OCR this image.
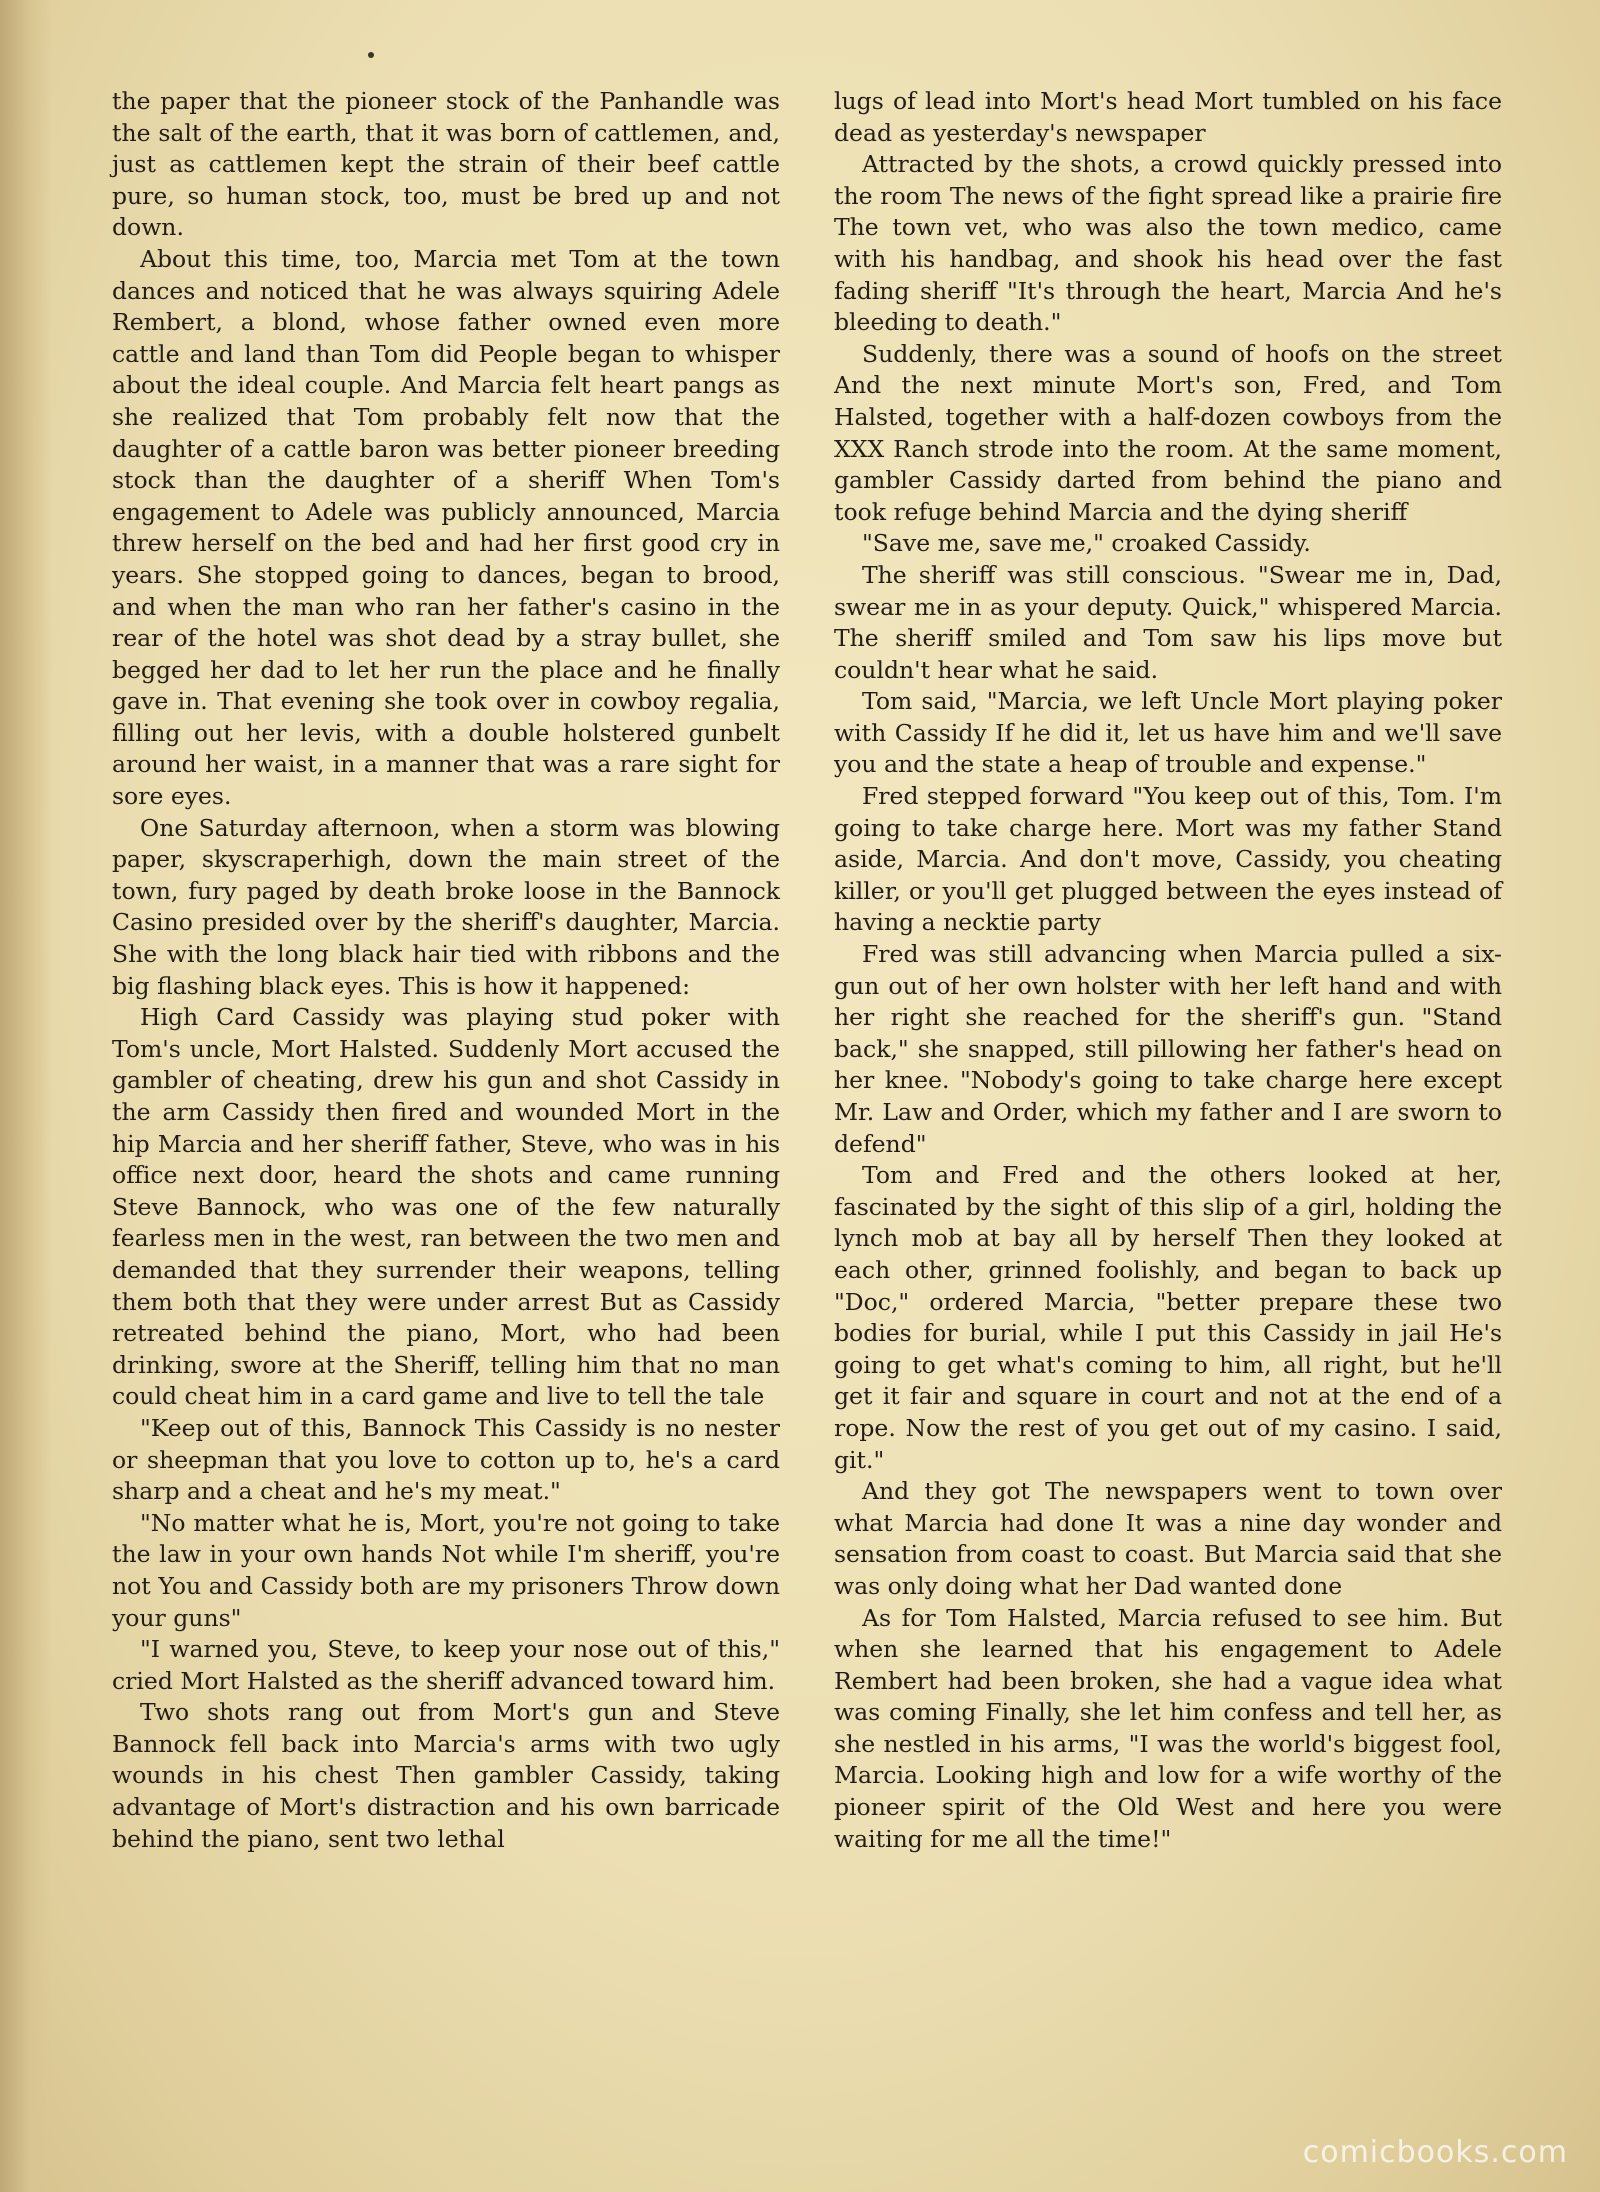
the paper that the pioneer stock of the Panhandle was the salt of the earth, that it was born of cattlemen, and, just as cattlemen kept the strain of their beef cattle pure, so human stock, too, must be bred up and not down.

About this time, too, Marcia met Tom at the town dances and noticed that he was always squiring Adele Rembert, a blond, whose father owned even more cattle and land than Tom did People began to whisper about the ideal couple. And Marcia felt heart pangs as she realized that Tom probably felt now that the daughter of a cattle baron was better pioneer breeding stock than the daughter of a sheriff When Tom's engagement to Adele was publicly announced, Marcia threw herself on the bed and had her first good cry in years. She stopped going to dances, began to brood, and when the man who ran her father's casino in the rear of the hotel was shot dead by a stray bullet, she begged her dad to let her run the place and he finally gave in. That evening she took over in cowboy regalia, filling out her levis, with a double holstered gunbelt around her waist, in a manner that was a rare sight for sore eyes.

One Saturday afternoon, when a storm was blowing paper, skyscraperhigh, down the main street of the town, fury paged by death broke loose in the Bannock Casino presided over by the sheriff's daughter, Marcia. She with the long black hair tied with ribbons and the big flashing black eyes. This is how it happened:

High Card Cassidy was playing stud poker with Tom's uncle, Mort Halsted. Suddenly Mort accused the gambler of cheating, drew his gun and shot Cassidy in the arm Cassidy then fired and wounded Mort in the hip Marcia and her sheriff father, Steve, who was in his office next door, heard the shots and came running Steve Bannock, who was one of the few naturally fearless men in the west, ran between the two men and demanded that they surrender their weapons, telling them both that they were under arrest But as Cassidy retreated behind the piano, Mort, who had been drinking, swore at the Sheriff, telling him that no man could cheat him in a card game and live to tell the tale

"Keep out of this, Bannock This Cassidy is no nester or sheepman that you love to cotton up to, he's a card sharp and a cheat and he's my meat."

"No matter what he is, Mort, you're not going to take the law in your own hands Not while I'm sheriff, you're not You and Cassidy both are my prisoners Throw down your guns"

"I warned you, Steve, to keep your nose out of this," cried Mort Halsted as the sheriff advanced toward him.

Two shots rang out from Mort's gun and Steve Bannock fell back into Marcia's arms with two ugly wounds in his chest Then gambler Cassidy, taking advantage of Mort's distraction and his own barricade behind the piano, sent two lethal

lugs of lead into Mort's head Mort tumbled on his face dead as yesterday's newspaper

Attracted by the shots, a crowd quickly pressed into the room The news of the fight spread like a prairie fire The town vet, who was also the town medico, came with his handbag, and shook his head over the fast fading sheriff "It's through the heart, Marcia And he's bleeding to death."

Suddenly, there was a sound of hoofs on the street And the next minute Mort's son, Fred, and Tom Halsted, together with a half-dozen cowboys from the XXX Ranch strode into the room. At the same moment, gambler Cassidy darted from behind the piano and took refuge behind Marcia and the dying sheriff

"Save me, save me," croaked Cassidy.

The sheriff was still conscious. "Swear me in, Dad, swear me in as your deputy. Quick," whispered Marcia. The sheriff smiled and Tom saw his lips move but couldn't hear what he said.

Tom said, "Marcia, we left Uncle Mort playing poker with Cassidy If he did it, let us have him and we'll save you and the state a heap of trouble and expense."

Fred stepped forward "You keep out of this, Tom. I'm going to take charge here. Mort was my father Stand aside, Marcia. And don't move, Cassidy, you cheating killer, or you'll get plugged between the eyes instead of having a necktie party

Fred was still advancing when Marcia pulled a six-gun out of her own holster with her left hand and with her right she reached for the sheriff's gun. "Stand back," she snapped, still pillowing her father's head on her knee. "Nobody's going to take charge here except Mr. Law and Order, which my father and I are sworn to defend"

Tom and Fred and the others looked at her, fascinated by the sight of this slip of a girl, holding the lynch mob at bay all by herself Then they looked at each other, grinned foolishly, and began to back up "Doc," ordered Marcia, "better prepare these two bodies for burial, while I put this Cassidy in jail He's going to get what's coming to him, all right, but he'll get it fair and square in court and not at the end of a rope. Now the rest of you get out of my casino. I said, git."

And they got The newspapers went to town over what Marcia had done It was a nine day wonder and sensation from coast to coast. But Marcia said that she was only doing what her Dad wanted done

As for Tom Halsted, Marcia refused to see him. But when she learned that his engagement to Adele Rembert had been broken, she had a vague idea what was coming Finally, she let him confess and tell her, as she nestled in his arms, "I was the world's biggest fool, Marcia. Looking high and low for a wife worthy of the pioneer spirit of the Old West and here you were waiting for me all the time!"

comicbooks.com
